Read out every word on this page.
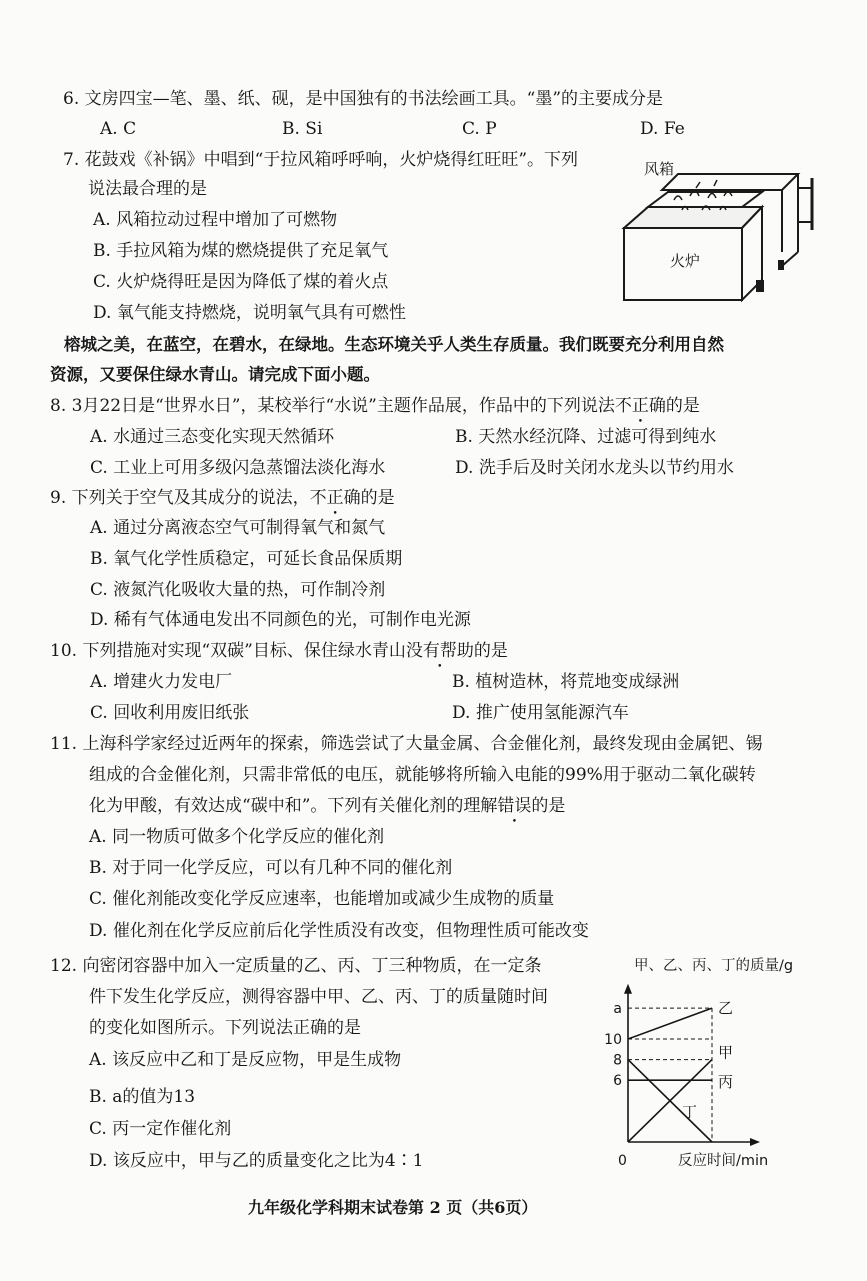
6. 文房四宝—笔、墨、纸、砚，是中国独有的书法绘画工具。“墨”的主要成分是
A. C	B. Si	C. P	D. Fe
7. 花鼓戏《补锅》中唱到“于拉风箱呼呼响，火炉烧得红旺旺”。下列
说法最合理的是
A. 风箱拉动过程中增加了可燃物
B. 手拉风箱为煤的燃烧提供了充足氧气
C. 火炉烧得旺是因为降低了煤的着火点
D. 氧气能支持燃烧，说明氧气具有可燃性
风箱
火炉
榕城之美，在蓝空，在碧水，在绿地。生态环境关乎人类生存质量。我们既要充分利用自然
资源，又要保住绿水青山。请完成下面小题。
8. 3月22日是“世界水日”，某校举行“水说”主题作品展，作品中的下列说法不正确的是
A. 水通过三态变化实现天然循环	B. 天然水经沉降、过滤可得到纯水
C. 工业上可用多级闪急蒸馏法淡化海水	D. 洗手后及时关闭水龙头以节约用水
9. 下列关于空气及其成分的说法，不正确的是
A. 通过分离液态空气可制得氧气和氮气
B. 氧气化学性质稳定，可延长食品保质期
C. 液氮汽化吸收大量的热，可作制冷剂
D. 稀有气体通电发出不同颜色的光，可制作电光源
10. 下列措施对实现“双碳”目标、保住绿水青山没有帮助的是
A. 增建火力发电厂	B. 植树造林，将荒地变成绿洲
C. 回收利用废旧纸张	D. 推广使用氢能源汽车
11. 上海科学家经过近两年的探索，筛选尝试了大量金属、合金催化剂，最终发现由金属钯、锡
组成的合金催化剂，只需非常低的电压，就能够将所输入电能的99%用于驱动二氧化碳转
化为甲酸，有效达成“碳中和”。下列有关催化剂的理解错误的是
A. 同一物质可做多个化学反应的催化剂
B. 对于同一化学反应，可以有几种不同的催化剂
C. 催化剂能改变化学反应速率，也能增加或减少生成物的质量
D. 催化剂在化学反应前后化学性质没有改变，但物理性质可能改变
12. 向密闭容器中加入一定质量的乙、丙、丁三种物质，在一定条
件下发生化学反应，测得容器中甲、乙、丙、丁的质量随时间
的变化如图所示。下列说法正确的是
A. 该反应中乙和丁是反应物，甲是生成物
B. a的值为13
C. 丙一定作催化剂
D. 该反应中，甲与乙的质量变化之比为4∶1
甲、乙、丙、丁的质量/g
反应时间/min
0
a
10
8
6
乙
甲
丙
丁
九年级化学科期末试卷第 2 页（共6页）
